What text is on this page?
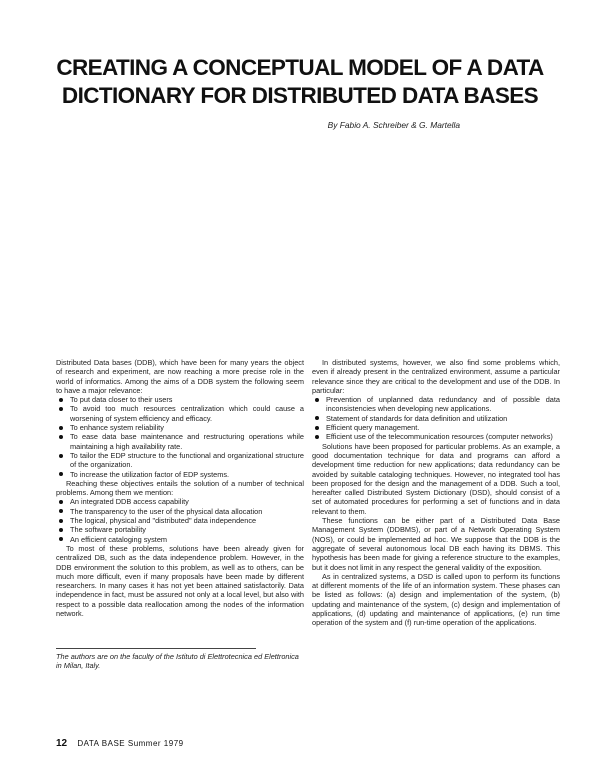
CREATING A CONCEPTUAL MODEL OF A DATA
DICTIONARY FOR DISTRIBUTED DATA BASES
By Fabio A. Schreiber & G. Martella

Distributed Data bases (DDB), which have been for many years the object of research and experiment, are now reaching a more precise role in the world of informatics. Among the aims of a DDB system the following seem to have a major relevance:

To put data closer to their users
To avoid too much resources centralization which could cause a worsening of system efficiency and efficacy.
To enhance system reliability
To ease data base maintenance and restructuring operations while maintaining a high availability rate.
To tailor the EDP structure to the functional and organizational structure of the organization.
To increase the utilization factor of EDP systems.

Reaching these objectives entails the solution of a number of technical problems. Among them we mention:

An integrated DDB access capability
The transparency to the user of the physical data allocation
The logical, physical and "distributed" data independence
The software portability
An efficient cataloging system

To most of these problems, solutions have been already given for centralized DB, such as the data independence problem. However, in the DDB environment the solution to this problem, as well as to others, can be much more difficult, even if many proposals have been made by different researchers. In many cases it has not yet been attained satisfactorily. Data independence in fact, must be assured not only at a local level, but also with respect to a possible data reallocation among the nodes of the information network.

In distributed systems, however, we also find some problems which, even if already present in the centralized environment, assume a particular relevance since they are critical to the development and use of the DDB. In particular:

Prevention of unplanned data redundancy and of possible data inconsistencies when developing new applications.
Statement of standards for data definition and utilization
Efficient query management.
Efficient use of the telecommunication resources (computer networks)

Solutions have been proposed for particular problems. As an example, a good documentation technique for data and programs can afford a development time reduction for new applications; data redundancy can be avoided by suitable cataloging techniques. However, no integrated tool has been proposed for the design and the management of a DDB. Such a tool, hereafter called Distributed System Dictionary (DSD), should consist of a set of automated procedures for performing a set of functions and in data relevant to them.

These functions can be either part of a Distributed Data Base Management System (DDBMS), or part of a Network Operating System (NOS), or could be implemented ad hoc. We suppose that the DDB is the aggregate of several autonomous local DB each having its DBMS. This hypothesis has been made for giving a reference structure to the examples, but it does not limit in any respect the general validity of the exposition.

As in centralized systems, a DSD is called upon to perform its functions at different moments of the life of an information system. These phases can be listed as follows: (a) design and implementation of the system, (b) updating and maintenance of the system, (c) design and implementation of applications, (d) updating and maintenance of applications, (e) run time operation of the system and (f) run-time operation of the applications.

The authors are on the faculty of the Istituto di Elettrotecnica ed Elettronica in Milan, Italy.
12 DATA BASE Summer 1979
